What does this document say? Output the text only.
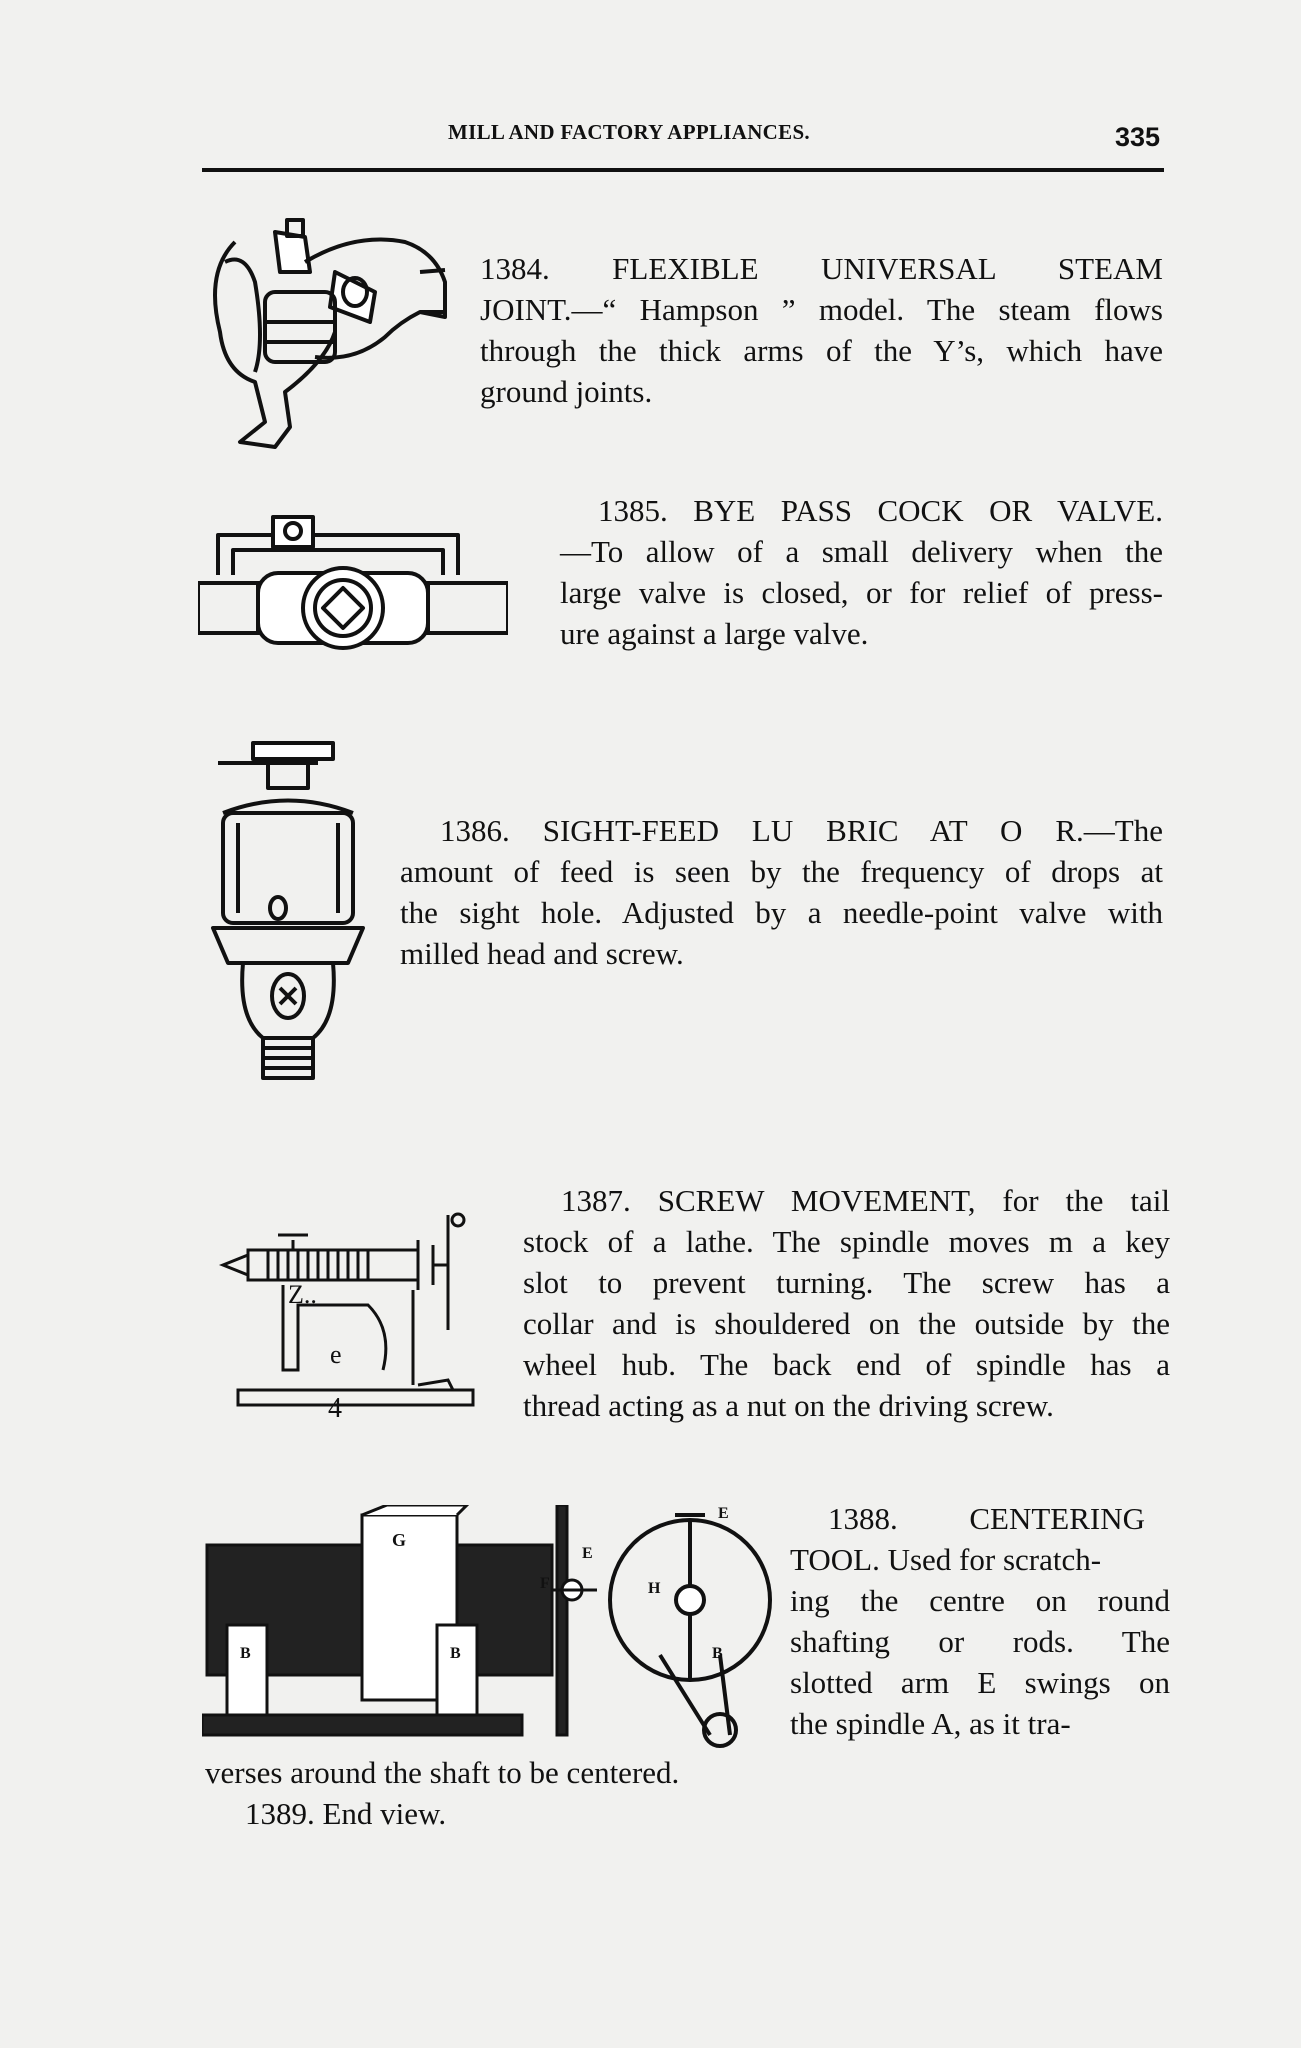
MILL AND FACTORY APPLIANCES.	335
1384. FLEXIBLE UNIVERSAL STEAM
JOINT.—“ Hampson ” model. The steam flows
through the thick arms of the Y’s, which have
ground joints.
1385. BYE PASS COCK OR VALVE.
—To allow of a small delivery when the
large valve is closed, or for relief of press-
ure against a large valve.
1386. SIGHT-FEED LU BRIC AT O R.—The
amount of feed is seen by the frequency of drops at
the sight hole. Adjusted by a needle-point valve with
milled head and screw.
Z..
e
4
1387. SCREW MOVEMENT, for the tail
stock of a lathe. The spindle moves m a key
slot to prevent turning. The screw has a
collar and is shouldered on the outside by the
wheel hub. The back end of spindle has a
thread acting as a nut on the driving screw.
G
B	B
E
F
E
H
B
1388. CENTERING
TOOL. Used for scratch-
ing the centre on round
shafting or rods. The
slotted arm E swings on
the spindle A, as it tra-
verses around the shaft to be centered.
1389. End view.
